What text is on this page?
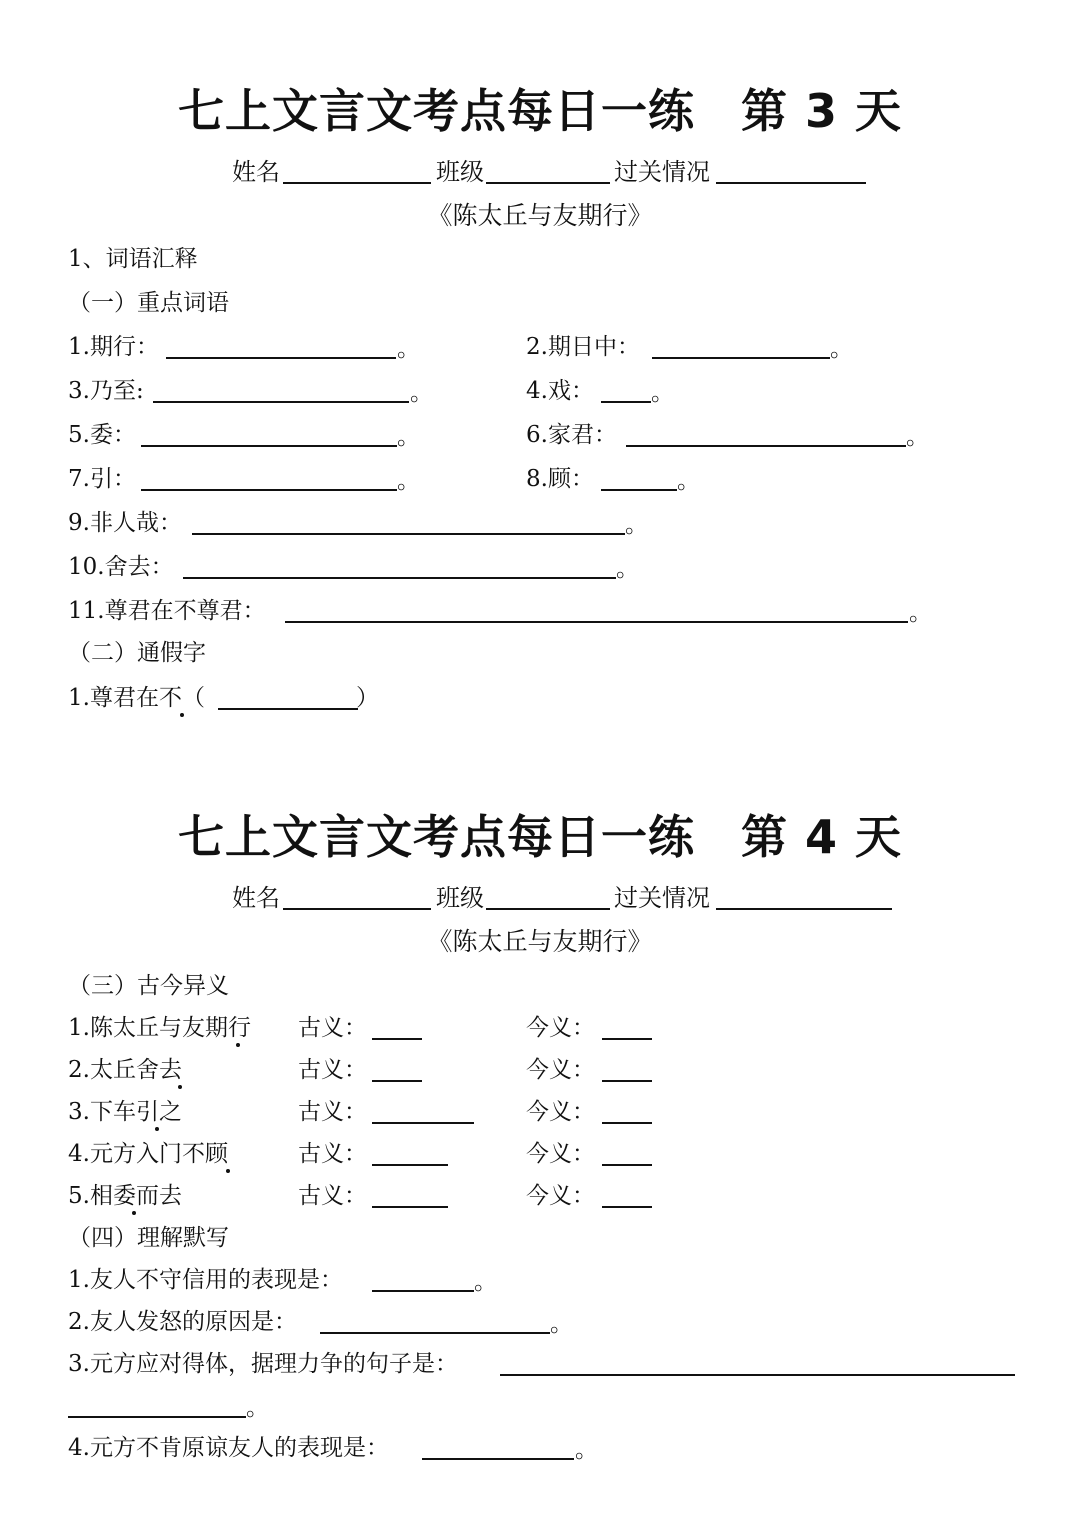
七上文言文考点每日一练 第 3 天
姓名	班级	过关情况
《陈太丘与友期行》
1、词语汇释
（一）重点词语
1.期行：	。	2.期日中：	。
3.乃至:	。	4.戏： 。
5.委：	。	6.家君：	。
7.引：	。	8.顾：	。
9.非人哉：	。
10.舍去：	。
11.尊君在不尊君：	。
（二）通假字
1.尊君在不（	）
七上文言文考点每日一练 第 4 天
姓名	班级	过关情况
《陈太丘与友期行》
（三）古今异义
1.陈太丘与友期行 古义：	今义：
2.太丘舍去	古义：	今义：
3.下车引之	古义：	今义：
4.元方入门不顾	古义：	今义：
5.相委而去	古义：	今义：
（四）理解默写
1.友人不守信用的表现是：	。
2.友人发怒的原因是：	。
3.元方应对得体，据理力争的句子是：
。
4.元方不肯原谅友人的表现是：	。
